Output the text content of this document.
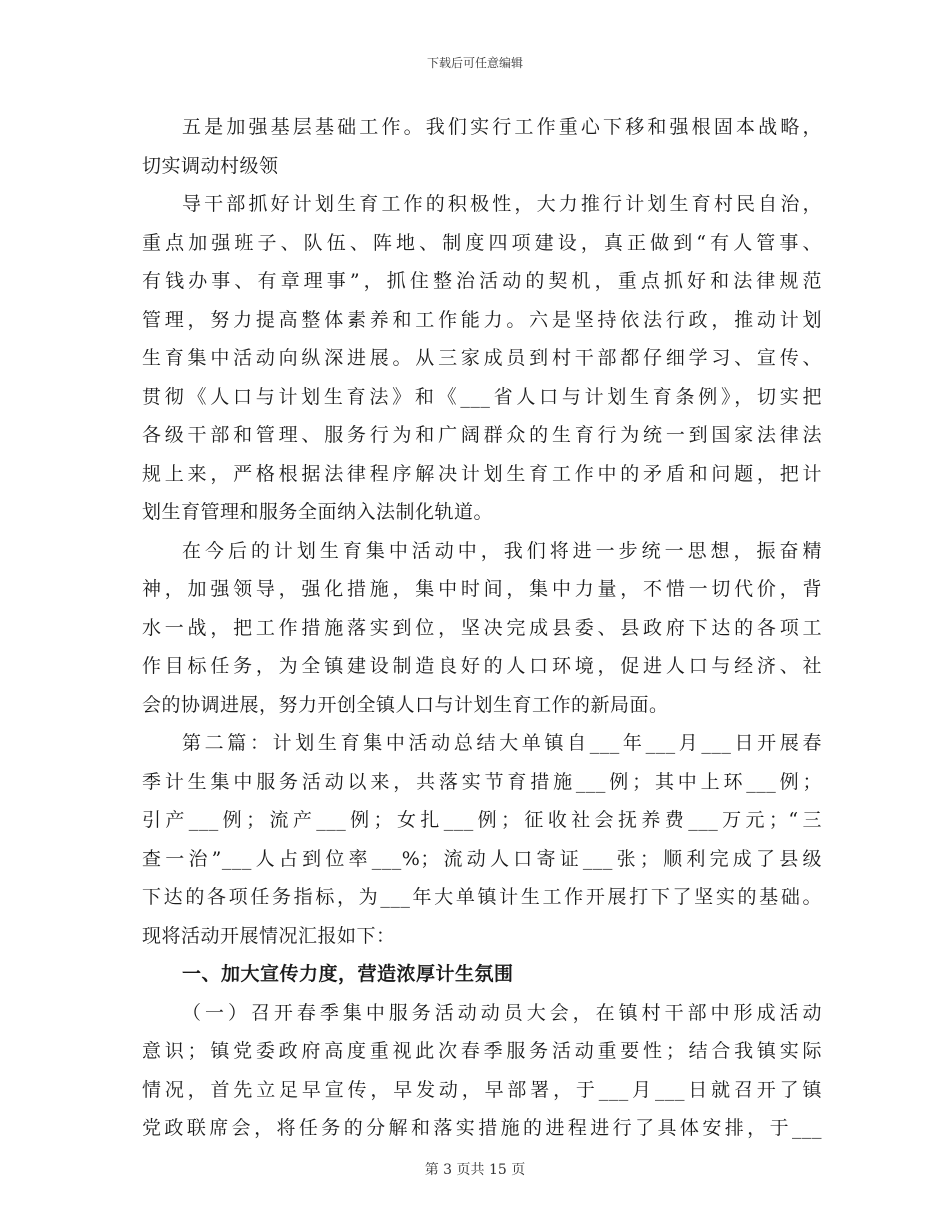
下载后可任意编辑
五是加强基层基础工作。我们实行工作重心下移和强根固本战略，
切实调动村级领
导干部抓好计划生育工作的积极性，大力推行计划生育村民自治，
重点加强班子、队伍、阵地、制度四项建设，真正做到“有人管事、
有钱办事、有章理事”，抓住整治活动的契机，重点抓好和法律规范
管理，努力提高整体素养和工作能力。六是坚持依法行政，推动计划
生育集中活动向纵深进展。从三家成员到村干部都仔细学习、宣传、
贯彻《人口与计划生育法》和《___省人口与计划生育条例》，切实把
各级干部和管理、服务行为和广阔群众的生育行为统一到国家法律法
规上来，严格根据法律程序解决计划生育工作中的矛盾和问题，把计
划生育管理和服务全面纳入法制化轨道。
在今后的计划生育集中活动中，我们将进一步统一思想，振奋精
神，加强领导，强化措施，集中时间，集中力量，不惜一切代价，背
水一战，把工作措施落实到位，坚决完成县委、县政府下达的各项工
作目标任务，为全镇建设制造良好的人口环境，促进人口与经济、社
会的协调进展，努力开创全镇人口与计划生育工作的新局面。
第二篇：计划生育集中活动总结大单镇自___年___月___日开展春
季计生集中服务活动以来，共落实节育措施___例；其中上环___例；
引产___例；流产___例；女扎___例；征收社会抚养费___万元；“三
查一治”___人占到位率___%；流动人口寄证___张；顺利完成了县级
下达的各项任务指标，为___年大单镇计生工作开展打下了坚实的基础。
现将活动开展情况汇报如下：
一、加大宣传力度，营造浓厚计生氛围
（一）召开春季集中服务活动动员大会，在镇村干部中形成活动
意识；镇党委政府高度重视此次春季服务活动重要性；结合我镇实际
情况，首先立足早宣传，早发动，早部署，于___月___日就召开了镇
党政联席会，将任务的分解和落实措施的进程进行了具体安排，于___
第 3 页共 15 页
